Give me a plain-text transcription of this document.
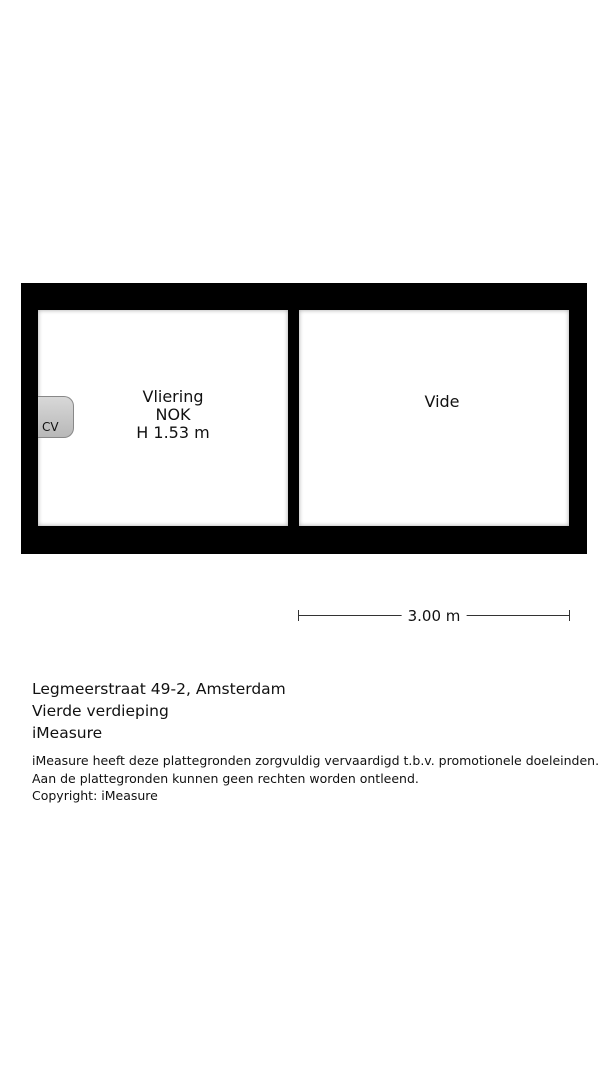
CV
Vliering
NOK
H 1.53 m
Vide
3.00 m
Legmeerstraat 49-2, Amsterdam
Vierde verdieping
iMeasure
iMeasure heeft deze plattegronden zorgvuldig vervaardigd t.b.v. promotionele doeleinden.
Aan de plattegronden kunnen geen rechten worden ontleend.
Copyright: iMeasure
